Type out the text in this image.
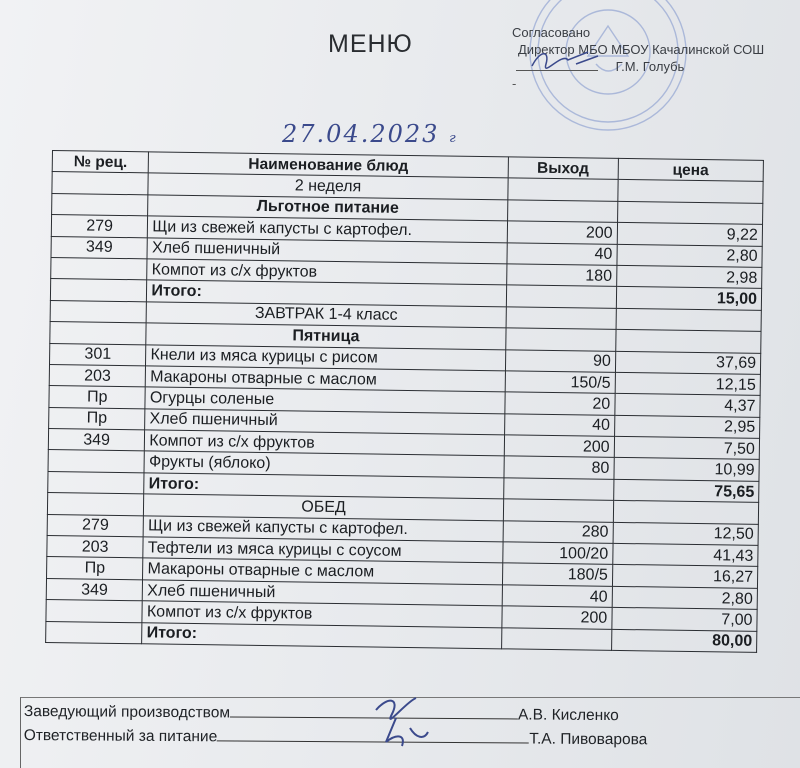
МЕНЮ	Согласовано
Директор МБО МБОУ Качалинской СОШ
Г.М. Голубь
-
27.04.2023 г
№ рец.	Наименование блюд	Выход	цена
	2 неделя		
	Льготное питание		
279	Щи из свежей капусты с картофел.	200	9,22
349	Хлеб пшеничный	40	2,80
	Компот из с/х фруктов	180	2,98
	Итого:		15,00
	ЗАВТРАК 1-4 класс		
	Пятница		
301	Кнели из мяса курицы с рисом	90	37,69
203	Макароны отварные с маслом	150/5	12,15
Пр	Огурцы соленые	20	4,37
Пр	Хлеб пшеничный	40	2,95
349	Компот из с/х фруктов	200	7,50
	Фрукты (яблоко)	80	10,99
	Итого:		75,65
	ОБЕД		
279	Щи из свежей капусты с картофел.	280	12,50
203	Тефтели из мяса курицы с соусом	100/20	41,43
Пр	Макароны отварные с маслом	180/5	16,27
349	Хлеб пшеничный	40	2,80
	Компот из с/х фруктов	200	7,00
	Итого:		80,00
Заведующий производством	А.В. Кисленко
Ответственный за питание	Т.А. Пивоварова
